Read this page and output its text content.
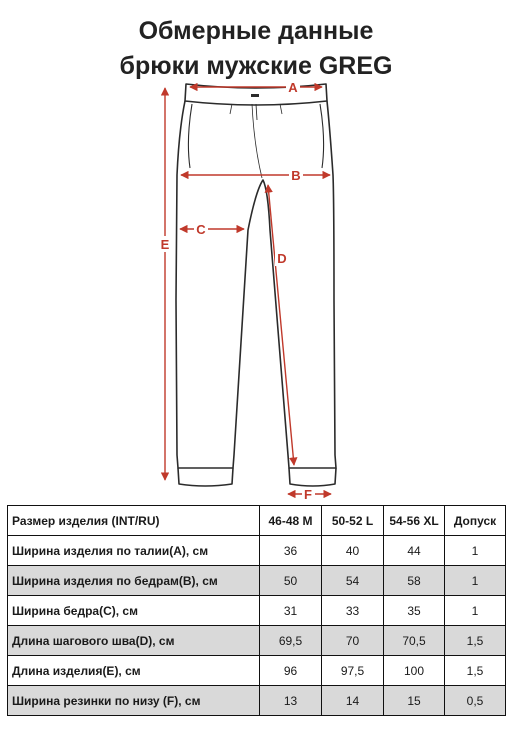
Обмерные данные
брюки мужские GREG
A
B
C
D
E
F
Размер изделия (INT/RU)	46-48 M	50-52 L	54-56 XL	Допуск
Ширина изделия по талии(A), см	36	40	44	1
Ширина изделия по бедрам(B), см	50	54	58	1
Ширина бедра(C), см	31	33	35	1
Длина шагового шва(D), см	69,5	70	70,5	1,5
Длина изделия(E), см	96	97,5	100	1,5
Ширина резинки по низу (F), см	13	14	15	0,5
